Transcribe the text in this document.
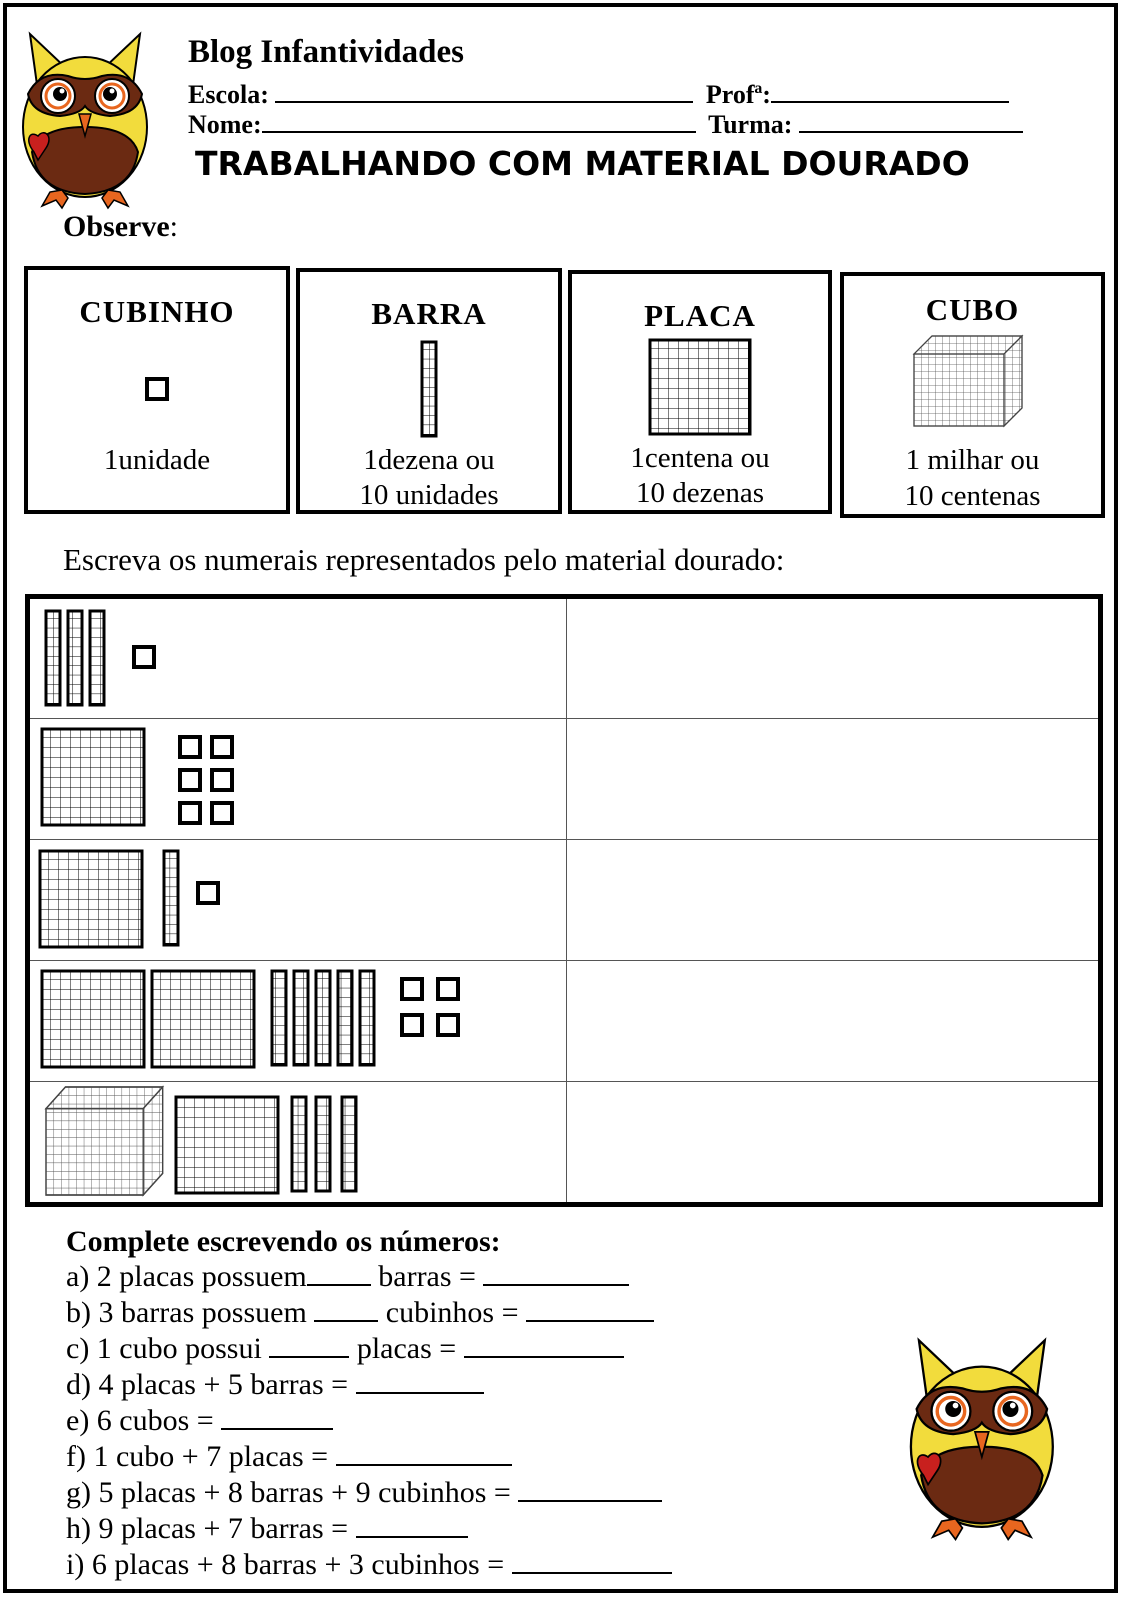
Blog Infantividades
Escola:	Profª:
Nome:	Turma:
TRABALHANDO COM MATERIAL DOURADO
Observe:
CUBINHO
1unidade
BARRA
1dezena ou
10 unidades
PLACA
1centena ou
10 dezenas
CUBO
1 milhar ou
10 centenas
Escreva os numerais representados pelo material dourado:
Complete escrevendo os números:
a) 2 placas possuem barras =
b) 3 barras possuem  cubinhos =
c) 1 cubo possui	placas =
d) 4 placas + 5 barras =
e) 6 cubos =
f) 1 cubo + 7 placas =
g) 5 placas + 8 barras + 9 cubinhos =
h) 9 placas + 7 barras =
i) 6 placas + 8 barras + 3 cubinhos =
